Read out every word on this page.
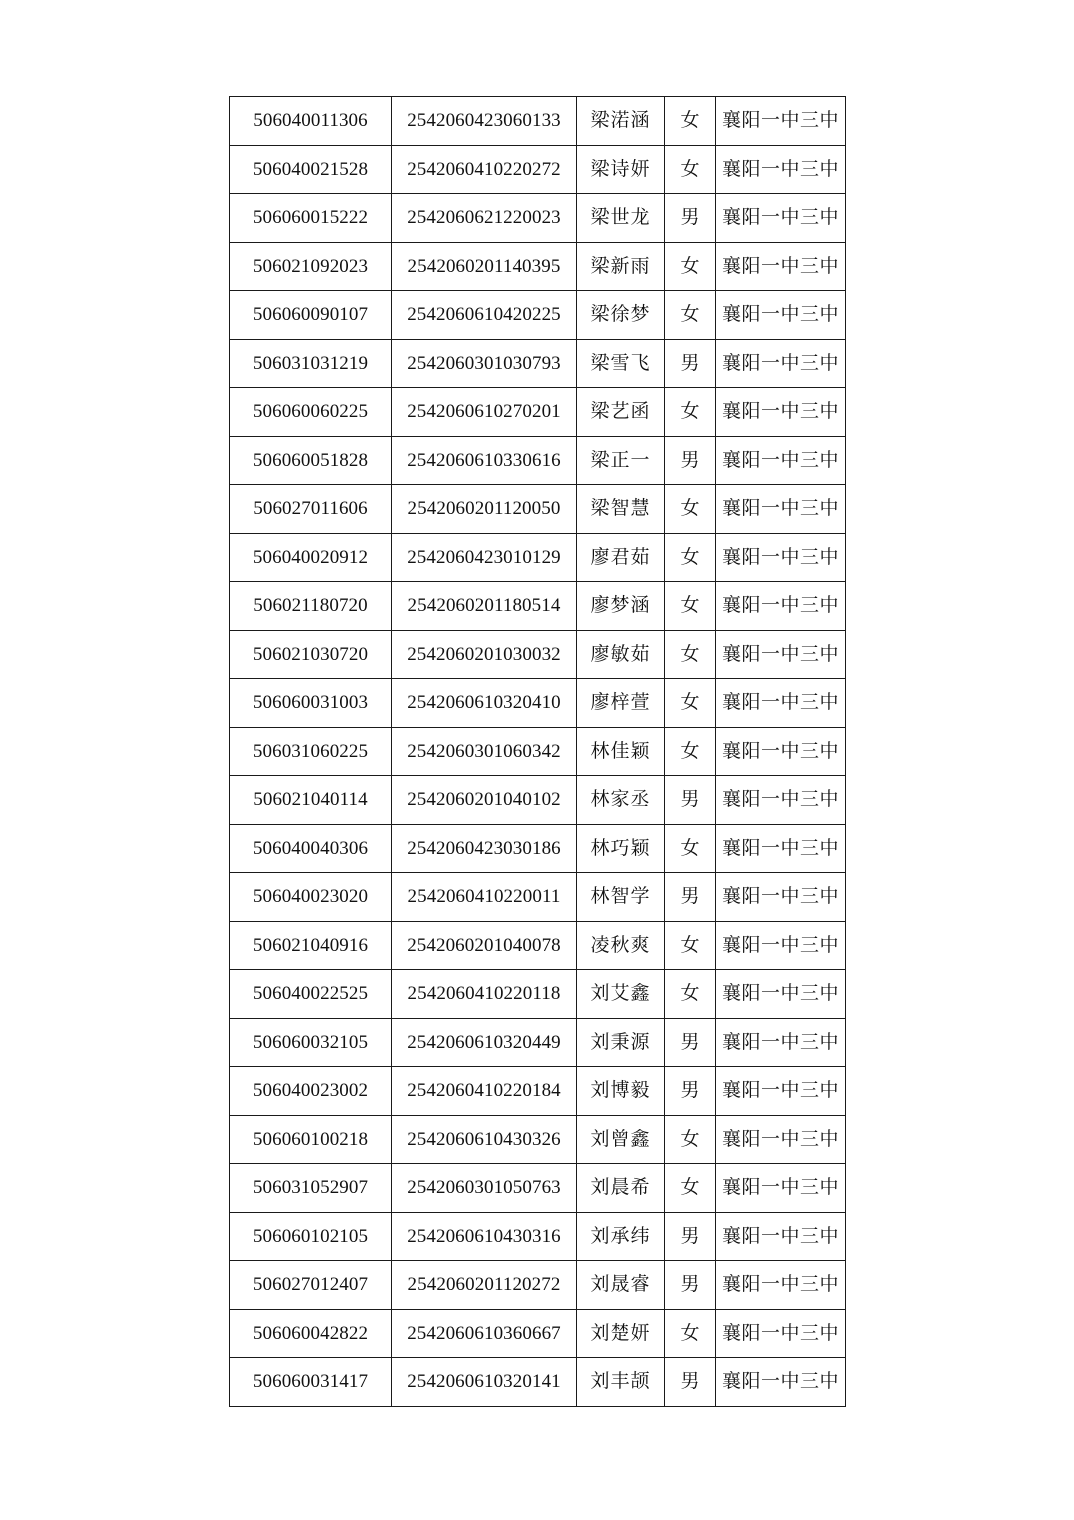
506040011306	2542060423060133	梁渃涵	女	襄阳一中三中
506040021528	2542060410220272	梁诗妍	女	襄阳一中三中
506060015222	2542060621220023	梁世龙	男	襄阳一中三中
506021092023	2542060201140395	梁新雨	女	襄阳一中三中
506060090107	2542060610420225	梁徐梦	女	襄阳一中三中
506031031219	2542060301030793	梁雪飞	男	襄阳一中三中
506060060225	2542060610270201	梁艺函	女	襄阳一中三中
506060051828	2542060610330616	梁正一	男	襄阳一中三中
506027011606	2542060201120050	梁智慧	女	襄阳一中三中
506040020912	2542060423010129	廖君茹	女	襄阳一中三中
506021180720	2542060201180514	廖梦涵	女	襄阳一中三中
506021030720	2542060201030032	廖敏茹	女	襄阳一中三中
506060031003	2542060610320410	廖梓萱	女	襄阳一中三中
506031060225	2542060301060342	林佳颖	女	襄阳一中三中
506021040114	2542060201040102	林家丞	男	襄阳一中三中
506040040306	2542060423030186	林巧颖	女	襄阳一中三中
506040023020	2542060410220011	林智学	男	襄阳一中三中
506021040916	2542060201040078	凌秋爽	女	襄阳一中三中
506040022525	2542060410220118	刘艾鑫	女	襄阳一中三中
506060032105	2542060610320449	刘秉源	男	襄阳一中三中
506040023002	2542060410220184	刘博毅	男	襄阳一中三中
506060100218	2542060610430326	刘曾鑫	女	襄阳一中三中
506031052907	2542060301050763	刘晨希	女	襄阳一中三中
506060102105	2542060610430316	刘承纬	男	襄阳一中三中
506027012407	2542060201120272	刘晟睿	男	襄阳一中三中
506060042822	2542060610360667	刘楚妍	女	襄阳一中三中
506060031417	2542060610320141	刘丰颉	男	襄阳一中三中
